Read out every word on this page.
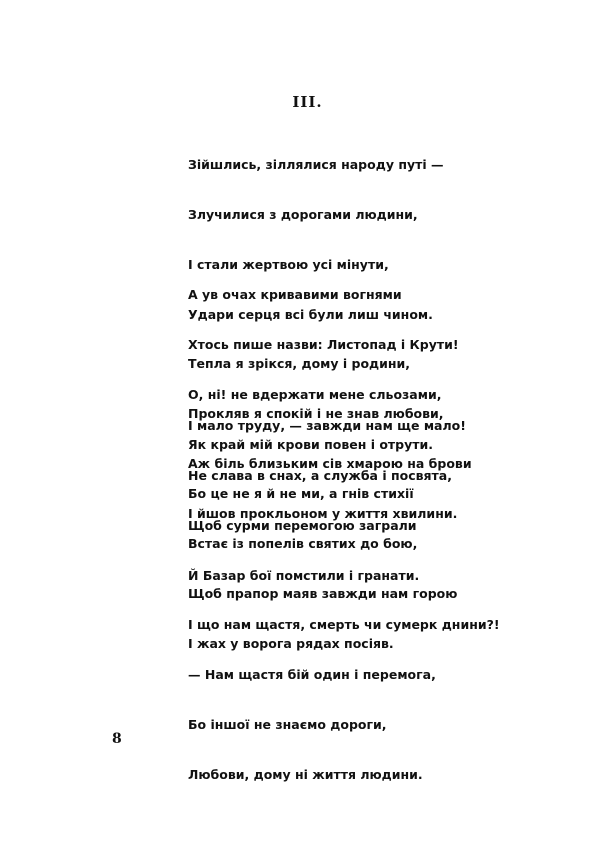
ІІІ.

Зійшлись, зіллялися народу путі —

Злучилися з дорогами людини,

І стали жертвою усі мінути,

Удари серця всі були лиш чином.

Тепла я зрікся, дому і родини,

Прокляв я спокій і не знав любови,

Аж біль близьким сів хмарою на брови

І йшов прокльоном у життя хвилини.

А ув очах кривавими вогнями

Хтось пише назви: Листопад і Крути!

О, ні! не вдержати мене сльозами,

Як край мій крови повен і отрути.

Бо це не я й не ми, а гнів стихії

Встає із попелів святих до бою,

Щоб прапор маяв завжди нам горою

І жах у ворога рядах посіяв.

І мало труду, — завжди нам ще мало!

Не слава в снах, а служба і посвята,

Щоб сурми перемогою заграли

Й Базар бої помстили і гранати.

І що нам щастя, смерть чи сумерк днини?!

— Нам щастя бій один і перемога,

Бо іншої не знаємо дороги,

Любови, дому ні життя людини.

8
